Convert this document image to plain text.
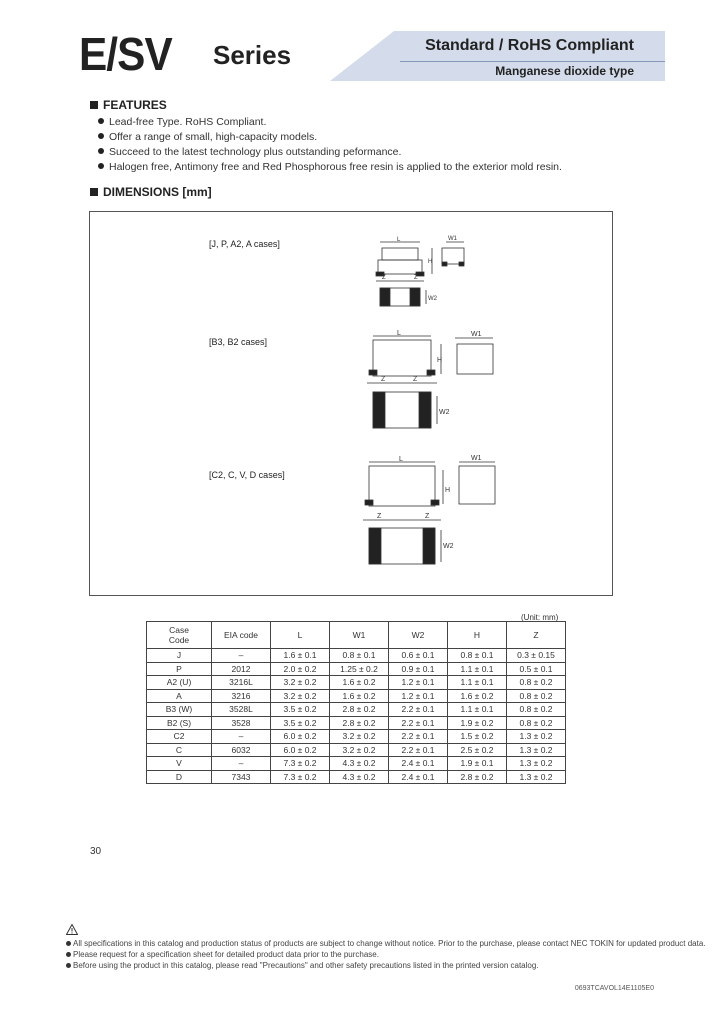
E/SV Series	Standard / RoHS Compliant
Manganese dioxide type
FEATURES
Lead-free Type. RoHS Compliant.
Offer a range of small, high-capacity models.
Succeed to the latest technology plus outstanding peformance.
Halogen free, Antimony free and Red Phosphorous free resin is applied to the exterior mold resin.
DIMENSIONS [mm]
[J, P, A2, A cases]
[B3, B2 cases]
[C2, C, V, D cases]
L
H
W1
Z	Z
W2
L
H
W1
Z	Z
W2
L
H
W1
Z	Z
W2
(Unit: mm)
Case
Code	EIA code	L	W1	W2	H	Z
J	–	1.6 ± 0.1	0.8 ± 0.1	0.6 ± 0.1	0.8 ± 0.1	0.3 ± 0.15
P	2012	2.0 ± 0.2	1.25 ± 0.2	0.9 ± 0.1	1.1 ± 0.1	0.5 ± 0.1
A2 (U)	3216L	3.2 ± 0.2	1.6 ± 0.2	1.2 ± 0.1	1.1 ± 0.1	0.8 ± 0.2
A	3216	3.2 ± 0.2	1.6 ± 0.2	1.2 ± 0.1	1.6 ± 0.2	0.8 ± 0.2
B3 (W)	3528L	3.5 ± 0.2	2.8 ± 0.2	2.2 ± 0.1	1.1 ± 0.1	0.8 ± 0.2
B2 (S)	3528	3.5 ± 0.2	2.8 ± 0.2	2.2 ± 0.1	1.9 ± 0.2	0.8 ± 0.2
C2	–	6.0 ± 0.2	3.2 ± 0.2	2.2 ± 0.1	1.5 ± 0.2	1.3 ± 0.2
C	6032	6.0 ± 0.2	3.2 ± 0.2	2.2 ± 0.1	2.5 ± 0.2	1.3 ± 0.2
V	–	7.3 ± 0.2	4.3 ± 0.2	2.4 ± 0.1	1.9 ± 0.1	1.3 ± 0.2
D	7343	7.3 ± 0.2	4.3 ± 0.2	2.4 ± 0.1	2.8 ± 0.2	1.3 ± 0.2
30
All specifications in this catalog and production status of products are subject to change without notice. Prior to the purchase, please contact NEC TOKIN for updated product data.
Please request for a specification sheet for detailed product data prior to the purchase.
Before using the product in this catalog, please read "Precautions" and other safety precautions listed in the printed version catalog.
0693TCAVOL14E1105E0
